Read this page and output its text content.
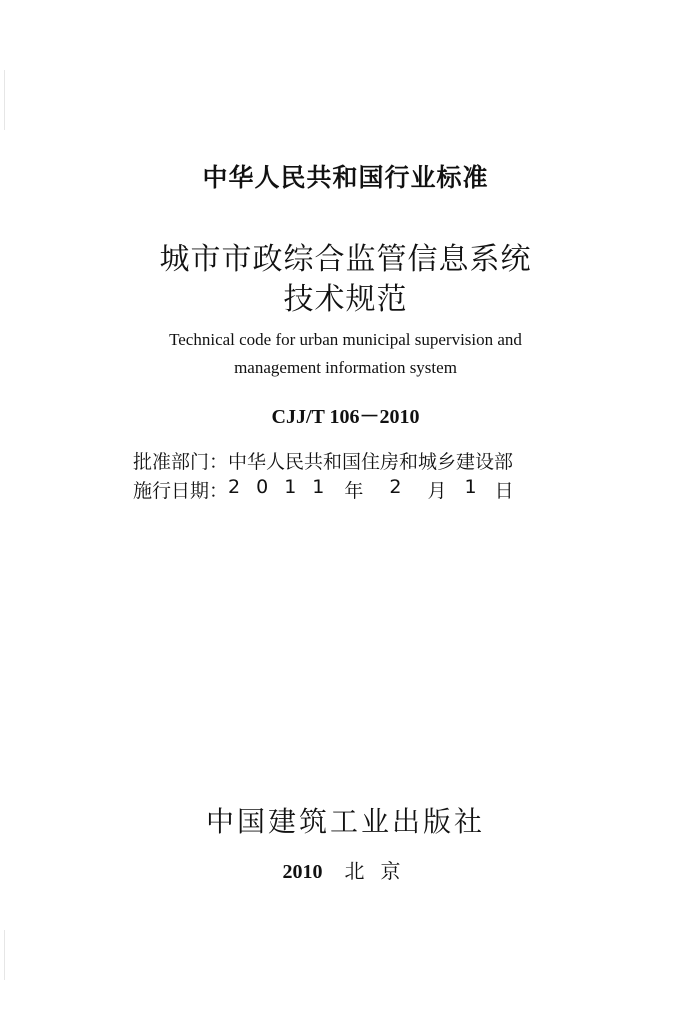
中华人民共和国行业标准
城市市政综合监管信息系统
技术规范
Technical code for urban municipal supervision and
management information system
CJJ/T 106－2010
批准部门： 中华人民共和国住房和城乡建设部
施行日期： 2011 年 2 月 1 日
中国建筑工业出版社
2010 北 京
